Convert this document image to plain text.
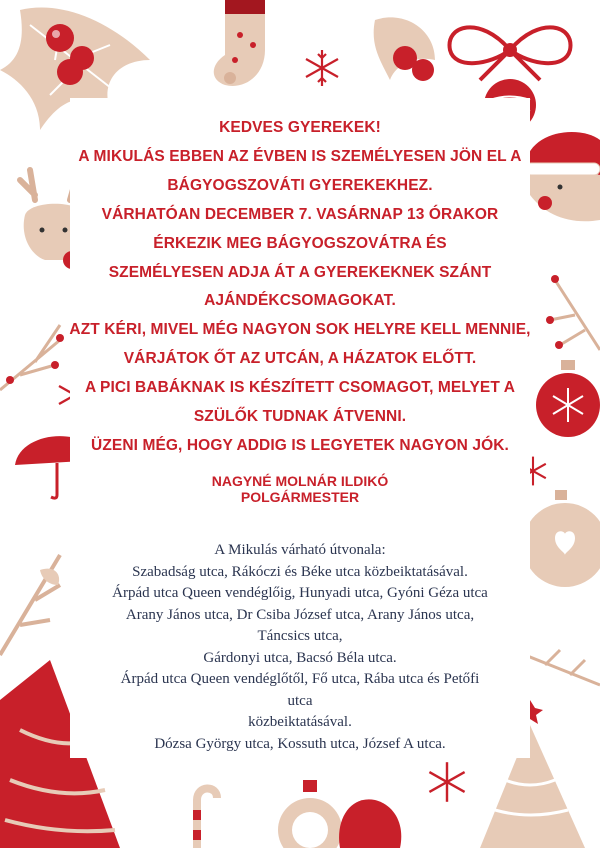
KEDVES GYEREKEK!
A MIKULÁS EBBEN AZ ÉVBEN IS SZEMÉLYESEN JÖN EL A
BÁGYOGSZOVÁTI GYEREKEKHEZ.
VÁRHATÓAN DECEMBER 7. VASÁRNAP 13 ÓRAKOR
ÉRKEZIK MEG BÁGYOGSZOVÁTRA ÉS
SZEMÉLYESEN ADJA ÁT A GYEREKEKNEK SZÁNT
AJÁNDÉKCSOMAGOKAT.
AZT KÉRI, MIVEL MÉG NAGYON SOK HELYRE KELL MENNIE,
VÁRJÁTOK ŐT AZ UTCÁN, A HÁZATOK ELŐTT.
A PICI BABÁKNAK IS KÉSZÍTETT CSOMAGOT, MELYET A
SZÜLŐK TUDNAK ÁTVENNI.
ÜZENI MÉG, HOGY ADDIG IS LEGYETEK NAGYON JÓK.
NAGYNÉ MOLNÁR ILDIKÓ
POLGÁRMESTER
A Mikulás várható útvonala:
Szabadság utca, Rákóczi és Béke utca közbeiktatásával.
Árpád utca Queen vendéglőig, Hunyadi utca, Gyóni Géza utca
Arany János utca, Dr Csiba József utca, Arany János utca,
Táncsics utca,
Gárdonyi utca, Bacsó Béla utca.
Árpád utca Queen vendéglőtől, Fő utca, Rába utca és Petőfi
utca
közbeiktatásával.
Dózsa György utca, Kossuth utca, József A utca.
